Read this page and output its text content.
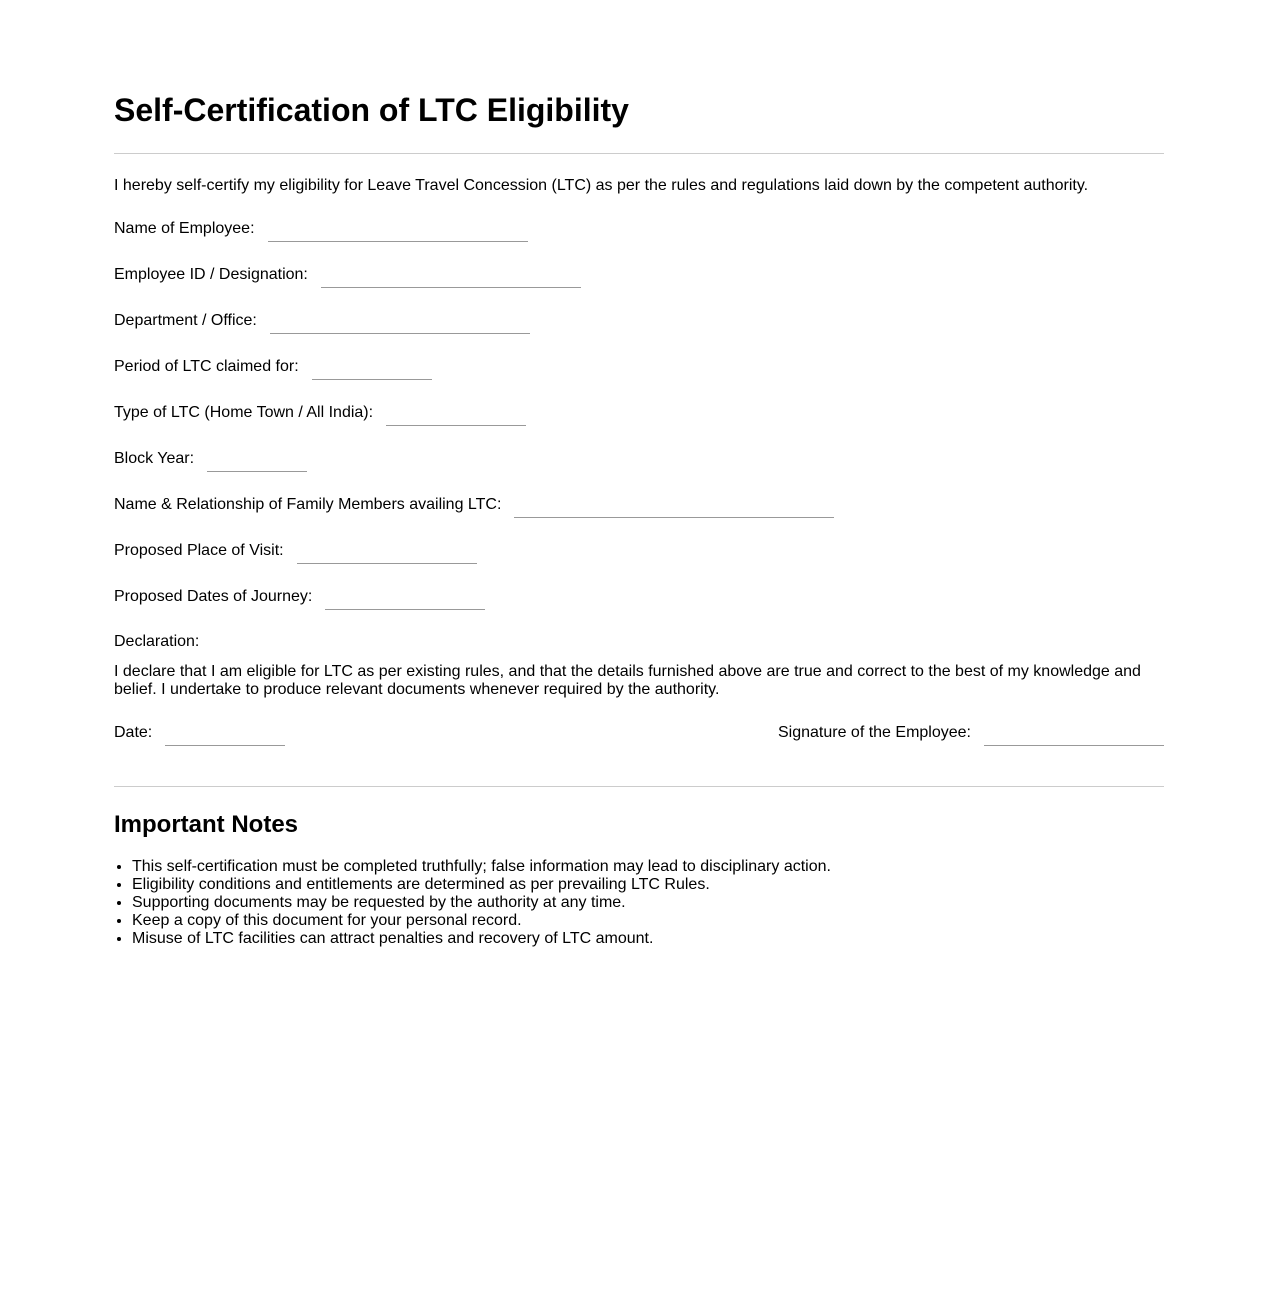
Self-Certification of LTC Eligibility

I hereby self-certify my eligibility for Leave Travel Concession (LTC) as per the rules and regulations laid down by the competent authority.

Name of Employee:
Employee ID / Designation:
Department / Office:
Period of LTC claimed for:
Type of LTC (Home Town / All India):
Block Year:
Name & Relationship of Family Members availing LTC:
Proposed Place of Visit:
Proposed Dates of Journey:
Declaration:

I declare that I am eligible for LTC as per existing rules, and that the details furnished above are true and correct to the best of my knowledge and belief. I undertake to produce relevant documents whenever required by the authority.

Date:	Signature of the Employee:
Important Notes
• This self-certification must be completed truthfully; false information may lead to disciplinary action.
• Eligibility conditions and entitlements are determined as per prevailing LTC Rules.
• Supporting documents may be requested by the authority at any time.
• Keep a copy of this document for your personal record.
• Misuse of LTC facilities can attract penalties and recovery of LTC amount.
